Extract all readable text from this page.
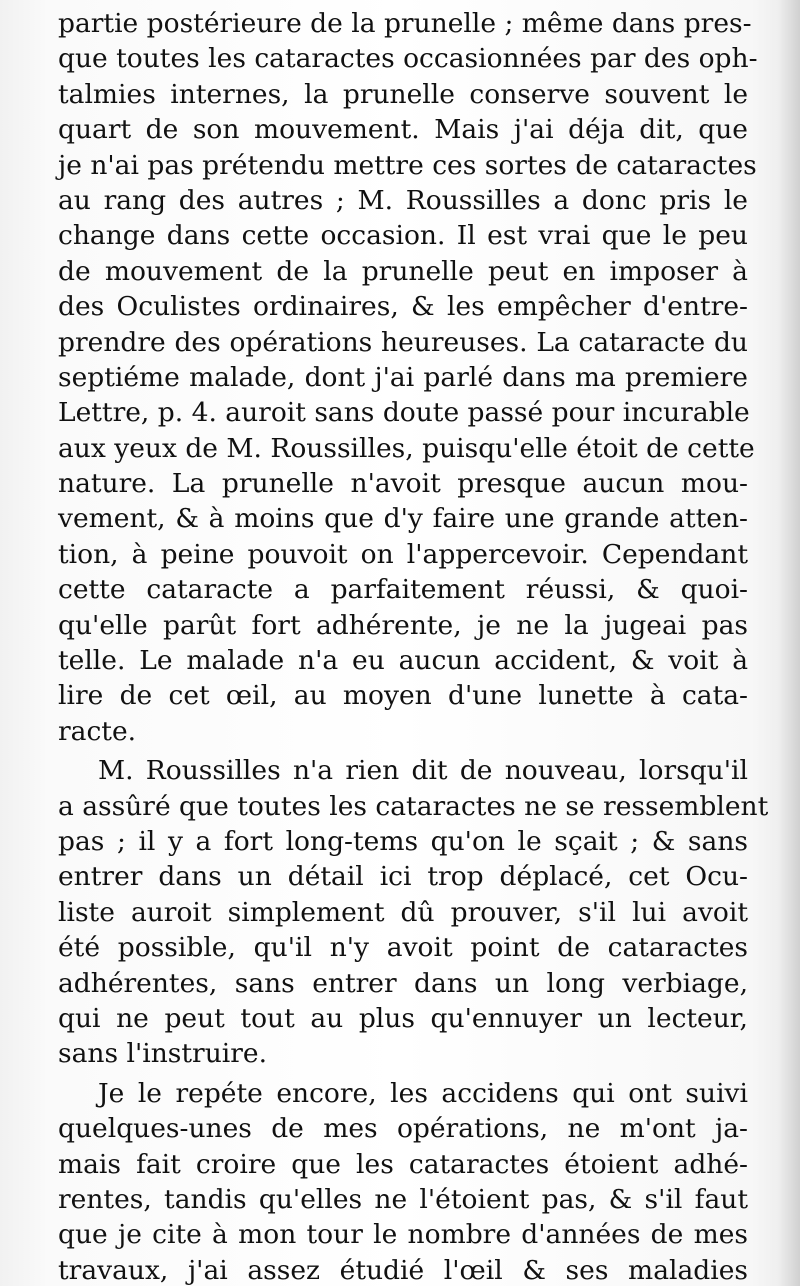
partie postérieure de la prunelle ; même dans pres-
que toutes les cataractes occasionnées par des oph-
talmies internes, la prunelle conserve souvent le
quart de son mouvement. Mais j'ai déja dit, que
je n'ai pas prétendu mettre ces sortes de cataractes
au rang des autres ; M. Roussilles a donc pris le
change dans cette occasion. Il est vrai que le peu
de mouvement de la prunelle peut en imposer à
des Oculistes ordinaires, & les empêcher d'entre-
prendre des opérations heureuses. La cataracte du
septiéme malade, dont j'ai parlé dans ma premiere
Lettre, p. 4. auroit sans doute passé pour incurable
aux yeux de M. Roussilles, puisqu'elle étoit de cette
nature. La prunelle n'avoit presque aucun mou-
vement, & à moins que d'y faire une grande atten-
tion, à peine pouvoit on l'appercevoir. Cependant
cette cataracte a parfaitement réussi, & quoi-
qu'elle parût fort adhérente, je ne la jugeai pas
telle. Le malade n'a eu aucun accident, & voit à
lire de cet œil, au moyen d'une lunette à cata-
racte.
M. Roussilles n'a rien dit de nouveau, lorsqu'il
a assûré que toutes les cataractes ne se ressemblent
pas ; il y a fort long-tems qu'on le sçait ; & sans
entrer dans un détail ici trop déplacé, cet Ocu-
liste auroit simplement dû prouver, s'il lui avoit
été possible, qu'il n'y avoit point de cataractes
adhérentes, sans entrer dans un long verbiage,
qui ne peut tout au plus qu'ennuyer un lecteur,
sans l'instruire.
Je le repéte encore, les accidens qui ont suivi
quelques-unes de mes opérations, ne m'ont ja-
mais fait croire que les cataractes étoient adhé-
rentes, tandis qu'elles ne l'étoient pas, & s'il faut
que je cite à mon tour le nombre d'années de mes
travaux, j'ai assez étudié l'œil & ses maladies
